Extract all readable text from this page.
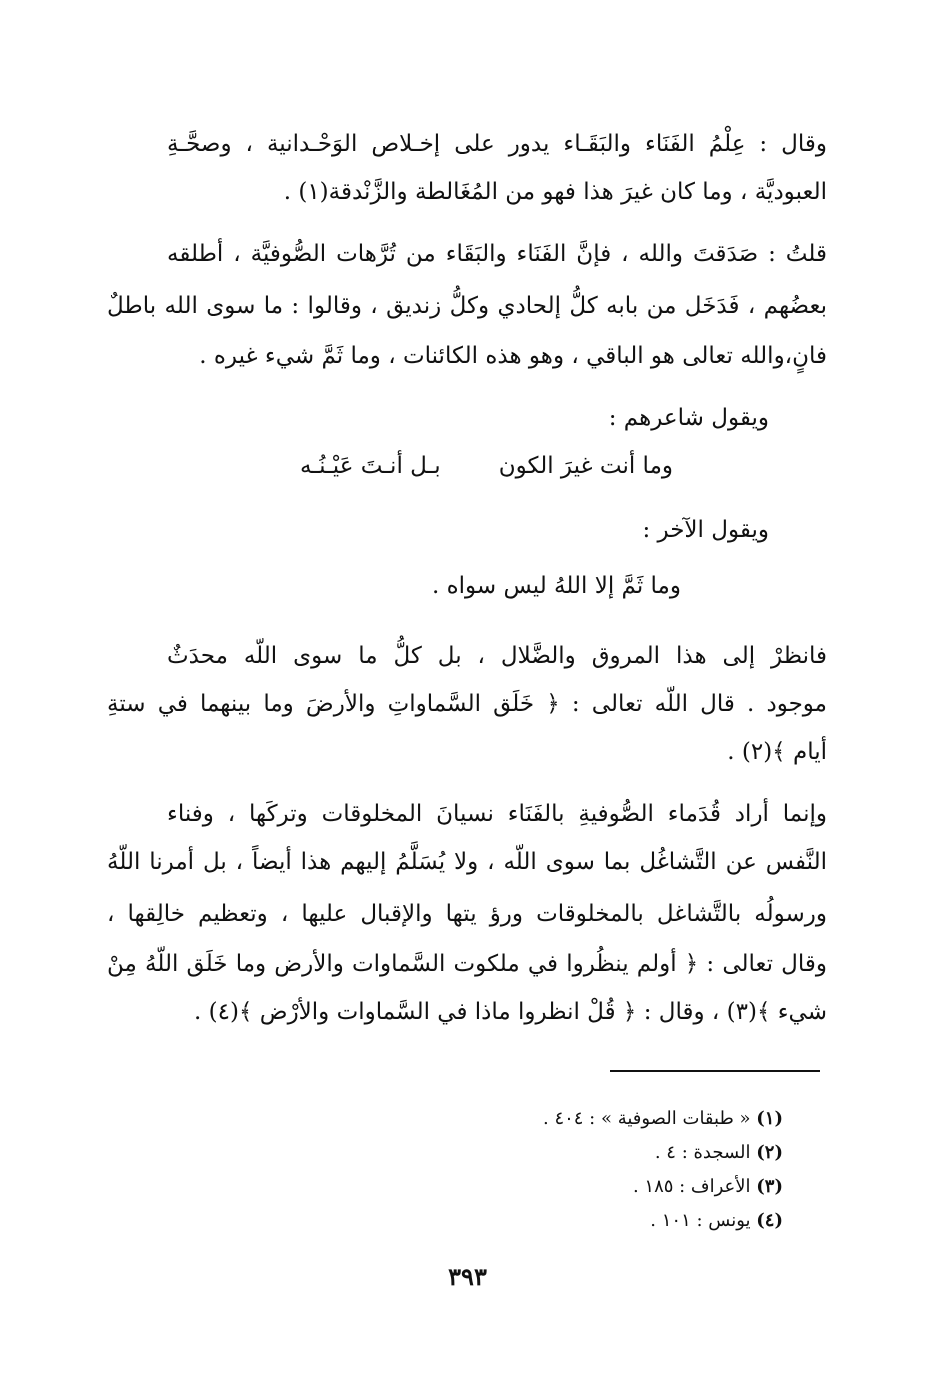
وقال : عِلْمُ الفَنَاء والبَقَـاء يدور على إخـلاص الوَحْـدانية ، وصحَّـةِ
العبوديَّة ، وما كان غيرَ هذا فهو من المُغَالطة والزَّنْدقة(١) .
قلتُ : صَدَقتَ والله ، فإنَّ الفَنَاء والبَقَاء من تُرَّهات الصُّوفيَّة ، أطلقه
بعضُهم ، فَدَخَل من بابه كلُّ إلحادي وكلُّ زنديق ، وقالوا : ما سوى الله باطلٌ
فانٍ،والله تعالى هو الباقي ، وهو هذه الكائنات ، وما ثَمَّ شيء غيره .
ويقول شاعرهم :
وما أنت غيرَ الكون
بـل أنـتَ عَيْـنُـه
ويقول الآخر :
وما ثَمَّ إلا اللهُ ليس سواه .
فانظرْ إلى هذا المروق والضَّلال ، بل كلُّ ما سوى اللّه محدَثٌ
موجود . قال اللّه تعالى : ﴿ خَلَق السَّماواتِ والأرضَ وما بينهما في ستةِ
أيام ﴾(٢) .
وإنما أراد قُدَماء الصُّوفيةِ بالفَنَاء نسيانَ المخلوقات وتركَها ، وفناء
النَّفس عن التَّشاغُل بما سوى اللّه ، ولا يُسَلَّمُ إليهم هذا أيضاً ، بل أمرنا اللّهُ
ورسولُه بالتَّشاغل بالمخلوقات ورؤ يتها والإقبال عليها ، وتعظيم خالِقها ،
وقال تعالى : ﴿ أولم ينظُروا في ملكوت السَّماوات والأرض وما خَلَق اللّهُ مِنْ
شيء ﴾(٣) ، وقال : ﴿ قُلْ انظروا ماذا في السَّماوات والأرْض ﴾(٤) .
(١) « طبقات الصوفية » : ٤٠٤ .
(٢) السجدة : ٤ .
(٣) الأعراف : ١٨٥ .
(٤) يونس : ١٠١ .
٣٩٣
